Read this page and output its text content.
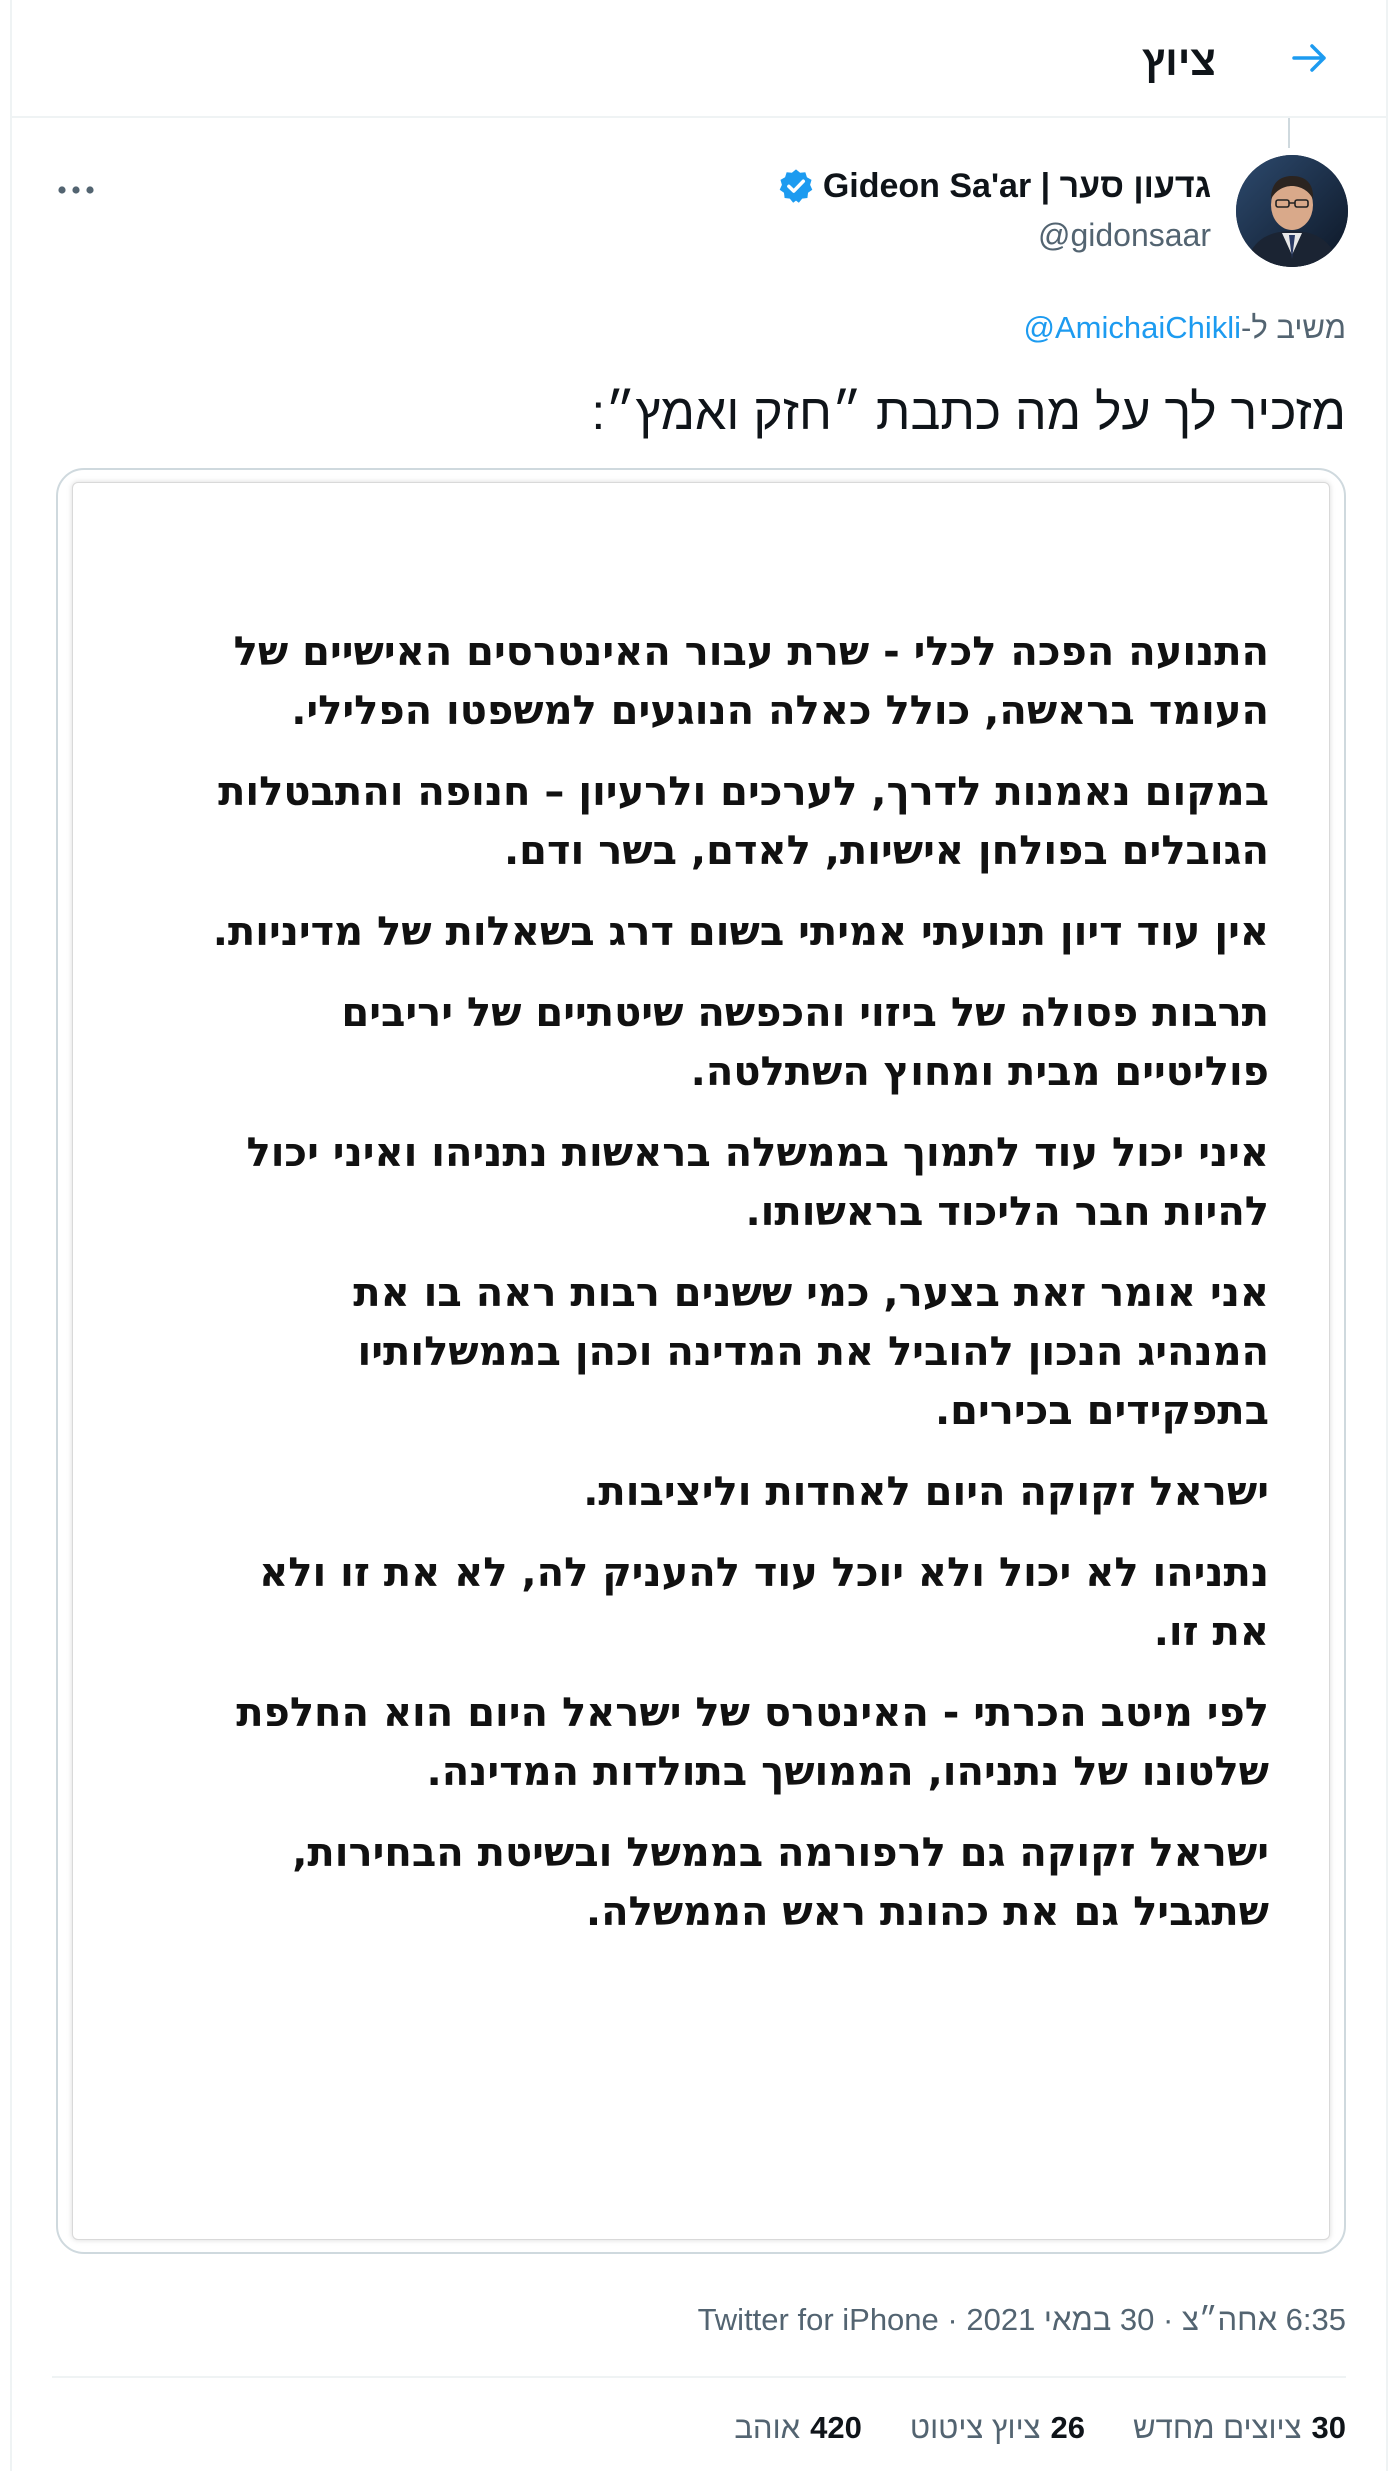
ציוץ
גדעון סער | Gideon Sa'ar
@gidonsaar
משיב ל-@AmichaiChikli
מזכיר לך על מה כתבת ״חזק ואמץ״:

התנועה הפכה לכלי - שרת עבור האינטרסים האישיים של העומד בראשה, כולל כאלה הנוגעים למשפטו הפלילי.

במקום נאמנות לדרך, לערכים ולרעיון – חנופה והתבטלות הגובלים בפולחן אישיות, לאדם, בשר ודם.

אין עוד דיון תנועתי אמיתי בשום דרג בשאלות של מדיניות.

תרבות פסולה של ביזוי והכפשה שיטתיים של יריבים פוליטיים מבית ומחוץ השתלטה.

איני יכול עוד לתמוך בממשלה בראשות נתניהו ואיני יכול להיות חבר הליכוד בראשותו.

אני אומר זאת בצער, כמי ששנים רבות ראה בו את המנהיג הנכון להוביל את המדינה וכהן בממשלותיו בתפקידים בכירים.

ישראל זקוקה היום לאחדות וליציבות.

נתניהו לא יכול ולא יוכל עוד להעניק לה, לא את זו ולא את זו.

לפי מיטב הכרתי - האינטרס של ישראל היום הוא החלפת שלטונו של נתניהו, הממושך בתולדות המדינה.

ישראל זקוקה גם לרפורמה בממשל ובשיטת הבחירות, שתגביל גם את כהונת ראש הממשלה.

6:35 אחה״צ · 30 במאי 2021 · Twitter for iPhone
30ציוצים מחדש
26ציוץ ציטוט
420אוהב
